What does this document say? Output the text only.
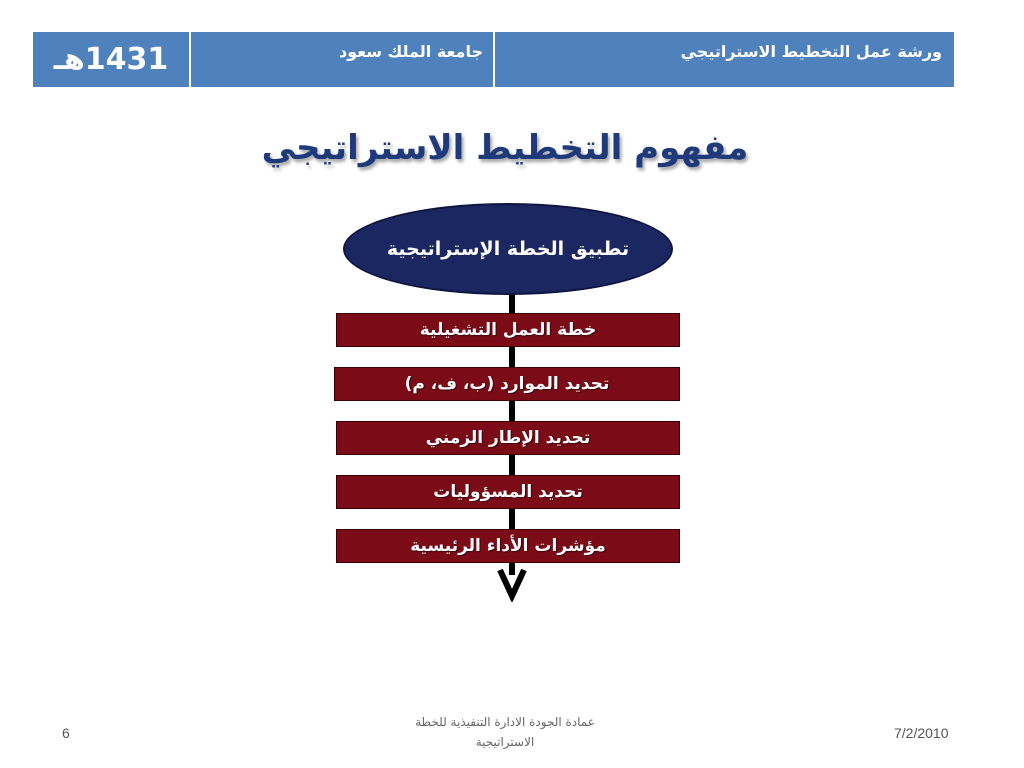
1431هـ	جامعة الملك سعود	ورشة عمل التخطيط الاستراتيجي
مفهوم التخطيط الاستراتيجي
تطبيق الخطة الإستراتيجية
خطة العمل التشغيلية
تحديد الموارد (ب، ف، م)
تحديد الإطار الزمني
تحديد المسؤوليات
مؤشرات الأداء الرئيسية
6
عمادة الجودة الادارة التنفيذية للخطة
الاستراتيجية
7/2/2010
